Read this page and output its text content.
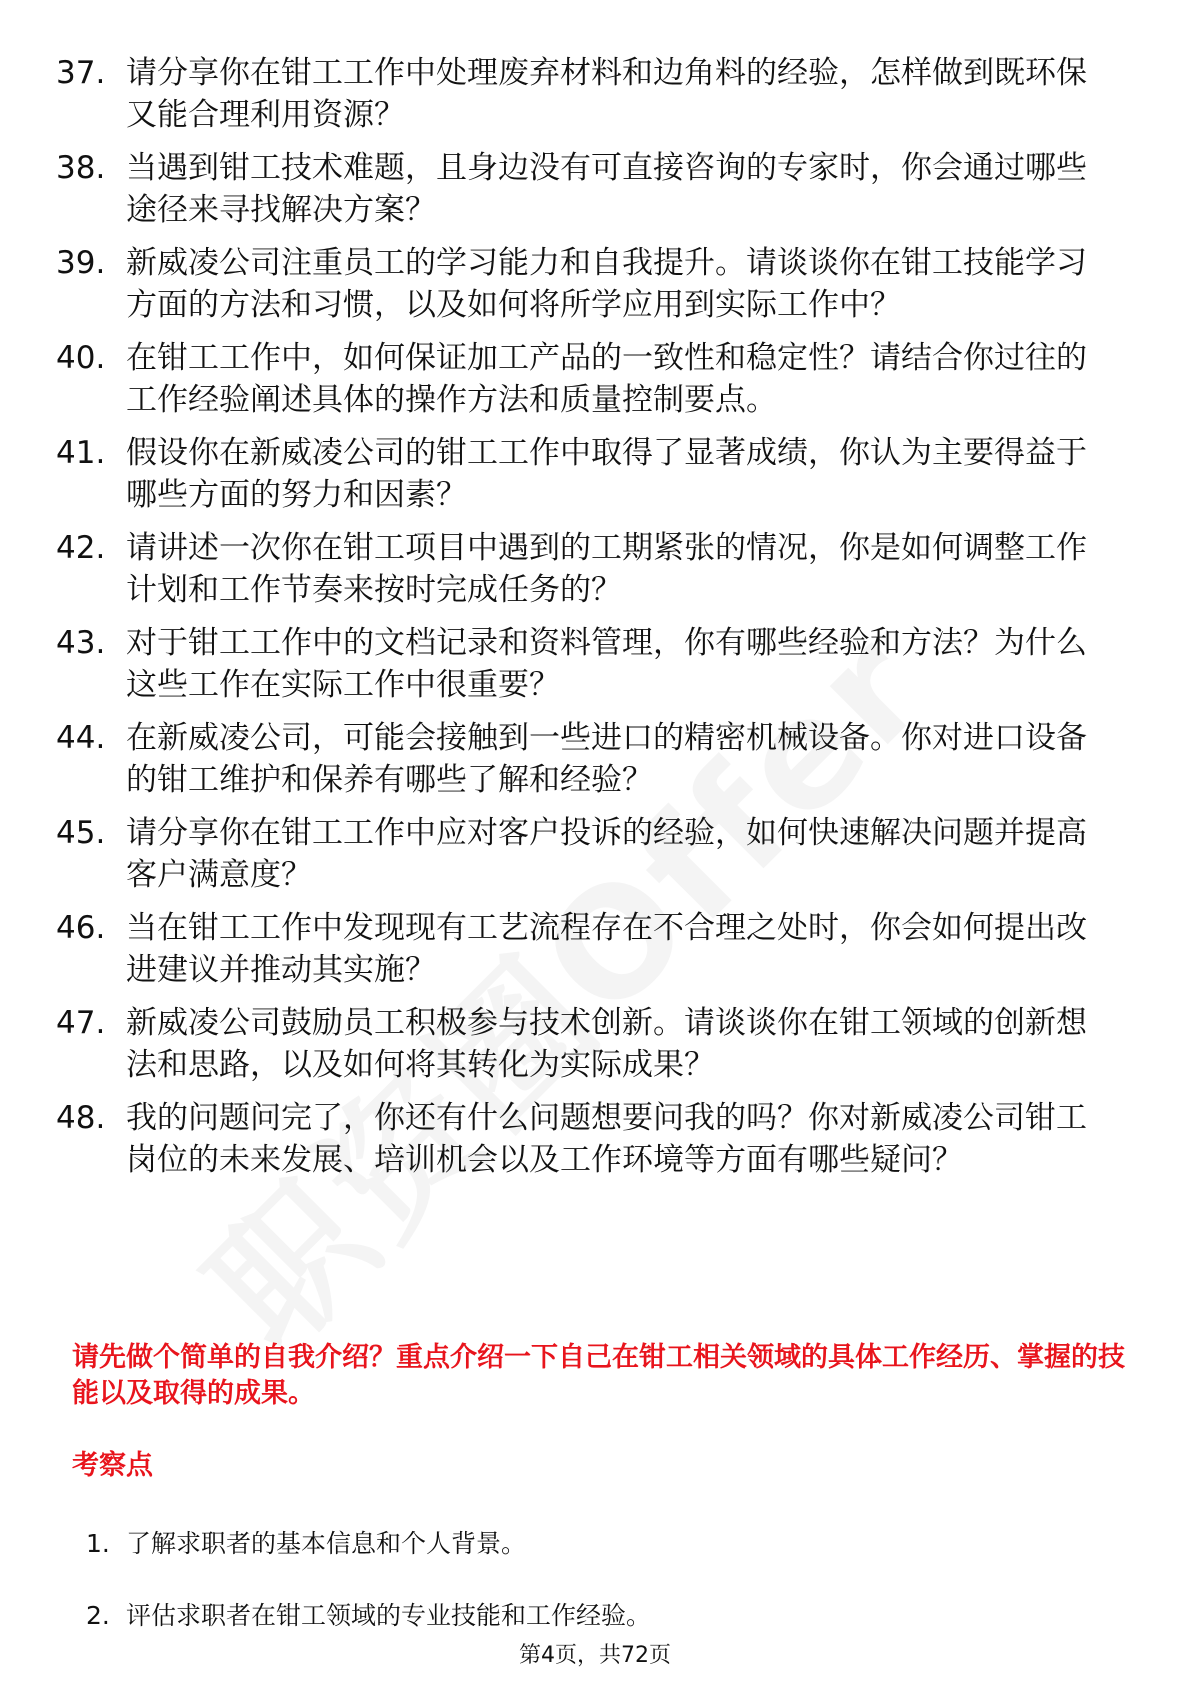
37. 请分享你在钳工工作中处理废弃材料和边角料的经验，怎样做到既环保又能合理利用资源？
38. 当遇到钳工技术难题，且身边没有可直接咨询的专家时，你会通过哪些途径来寻找解决方案？
39. 新威凌公司注重员工的学习能力和自我提升。请谈谈你在钳工技能学习方面的方法和习惯，以及如何将所学应用到实际工作中？
40. 在钳工工作中，如何保证加工产品的一致性和稳定性？请结合你过往的工作经验阐述具体的操作方法和质量控制要点。
41. 假设你在新威凌公司的钳工工作中取得了显著成绩，你认为主要得益于哪些方面的努力和因素？
42. 请讲述一次你在钳工项目中遇到的工期紧张的情况，你是如何调整工作计划和工作节奏来按时完成任务的？
43. 对于钳工工作中的文档记录和资料管理，你有哪些经验和方法？为什么这些工作在实际工作中很重要？
44. 在新威凌公司，可能会接触到一些进口的精密机械设备。你对进口设备的钳工维护和保养有哪些了解和经验？
45. 请分享你在钳工工作中应对客户投诉的经验，如何快速解决问题并提高客户满意度？
46. 当在钳工工作中发现现有工艺流程存在不合理之处时，你会如何提出改进建议并推动其实施？
47. 新威凌公司鼓励员工积极参与技术创新。请谈谈你在钳工领域的创新想法和思路，以及如何将其转化为实际成果？
48. 我的问题问完了，你还有什么问题想要问我的吗？你对新威凌公司钳工岗位的未来发展、培训机会以及工作环境等方面有哪些疑问？
请先做个简单的自我介绍？重点介绍一下自己在钳工相关领域的具体工作经历、掌握的技能以及取得的成果。
考察点
1. 了解求职者的基本信息和个人背景。
2. 评估求职者在钳工领域的专业技能和工作经验。
第4页，共72页
